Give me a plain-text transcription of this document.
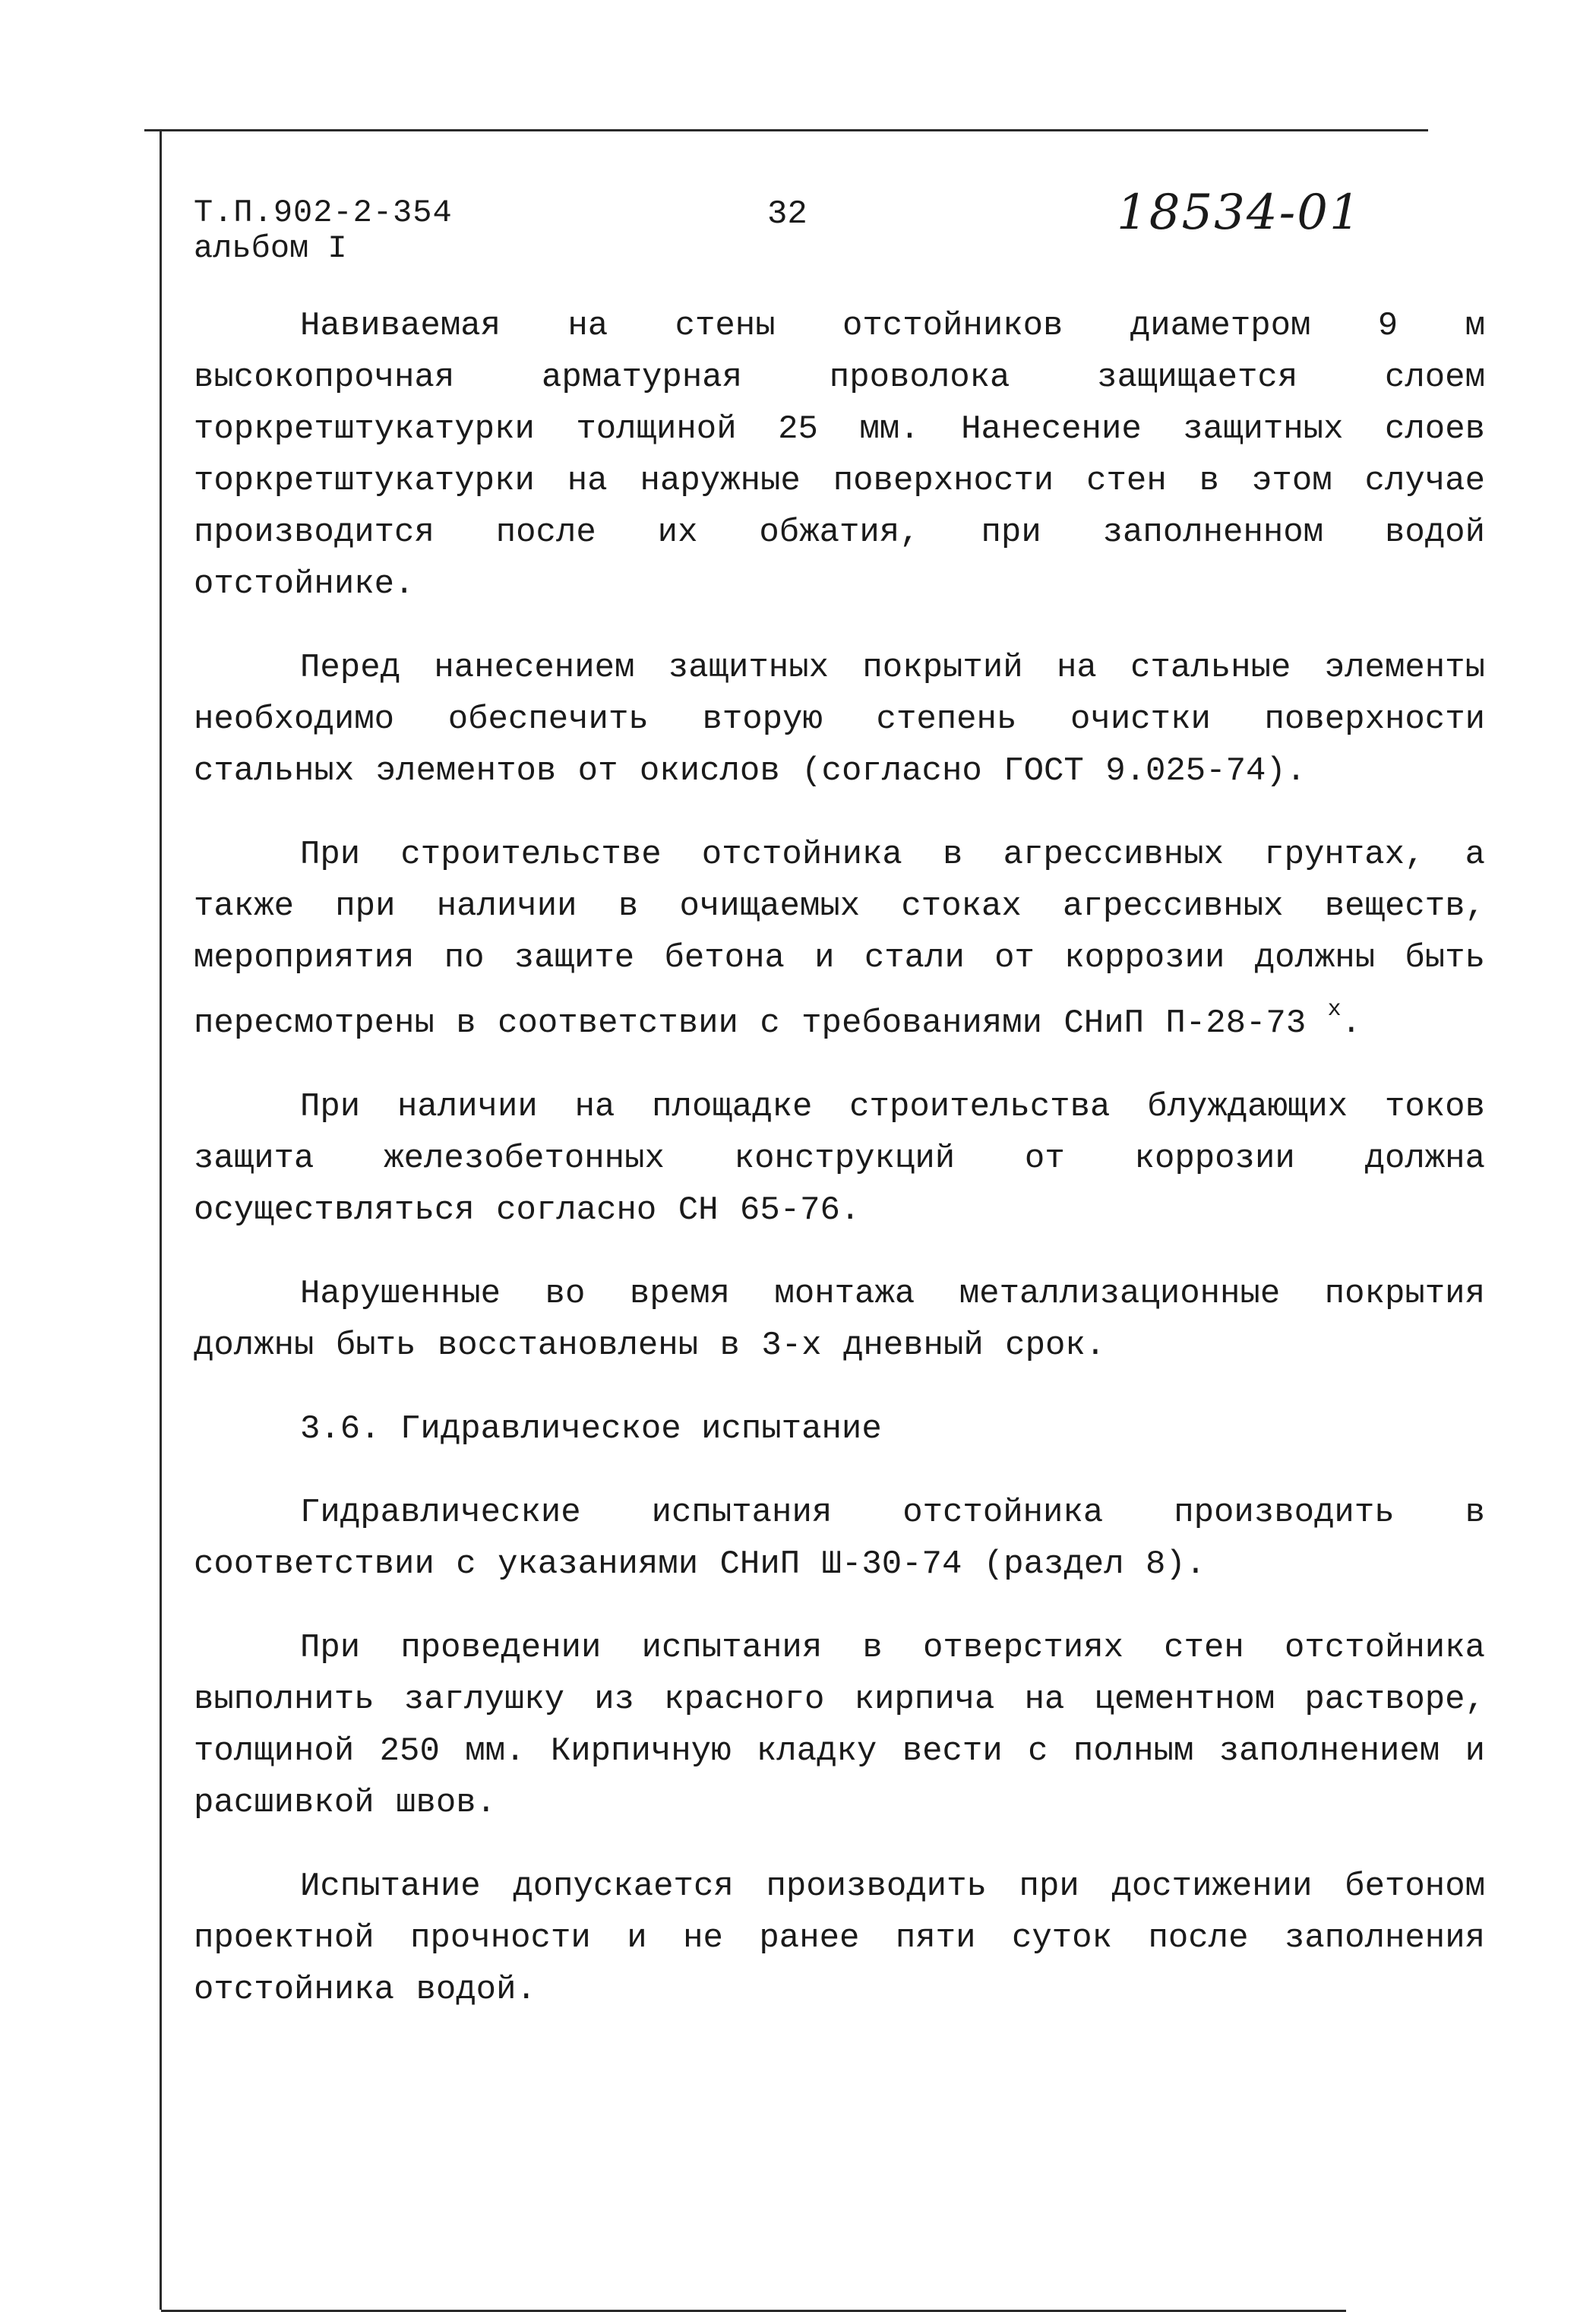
Т.П.902-2-354
альбом I
32	18534-01

Навиваемая на стены отстойников диаметром 9 м высокопрочная арматурная проволока защищается слоем торкретштукатурки толщиной 25 мм. Нанесение защитных слоев торкретштукатурки на наружные поверхности стен в этом случае производится после их обжатия, при заполненном водой отстойнике.

Перед нанесением защитных покрытий на стальные элементы необходимо обеспечить вторую степень очистки поверхности стальных элементов от окислов (согласно ГОСТ 9.025-74).

При строительстве отстойника в агрессивных грунтах, а также при наличии в очищаемых стоках агрессивных веществ, мероприятия по защите бетона и стали от коррозии должны быть пересмотрены в соответствии с требованиями СНиП П-28-73 $^х$.

При наличии на площадке строительства блуждающих токов защита железобетонных конструкций от коррозии должна осуществляться согласно СН 65-76.

Нарушенные во время монтажа металлизационные покрытия должны быть восстановлены в 3-х дневный срок.

3.6. Гидравлическое испытание

Гидравлические испытания отстойника производить в соответствии с указаниями СНиП Ш-30-74 (раздел 8).

При проведении испытания в отверстиях стен отстойника выполнить заглушку из красного кирпича на цементном растворе, толщиной 250 мм. Кирпичную кладку вести с полным заполнением и расшивкой швов.

Испытание допускается производить при достижении бетоном проектной прочности и не ранее пяти суток после заполнения отстойника водой.
